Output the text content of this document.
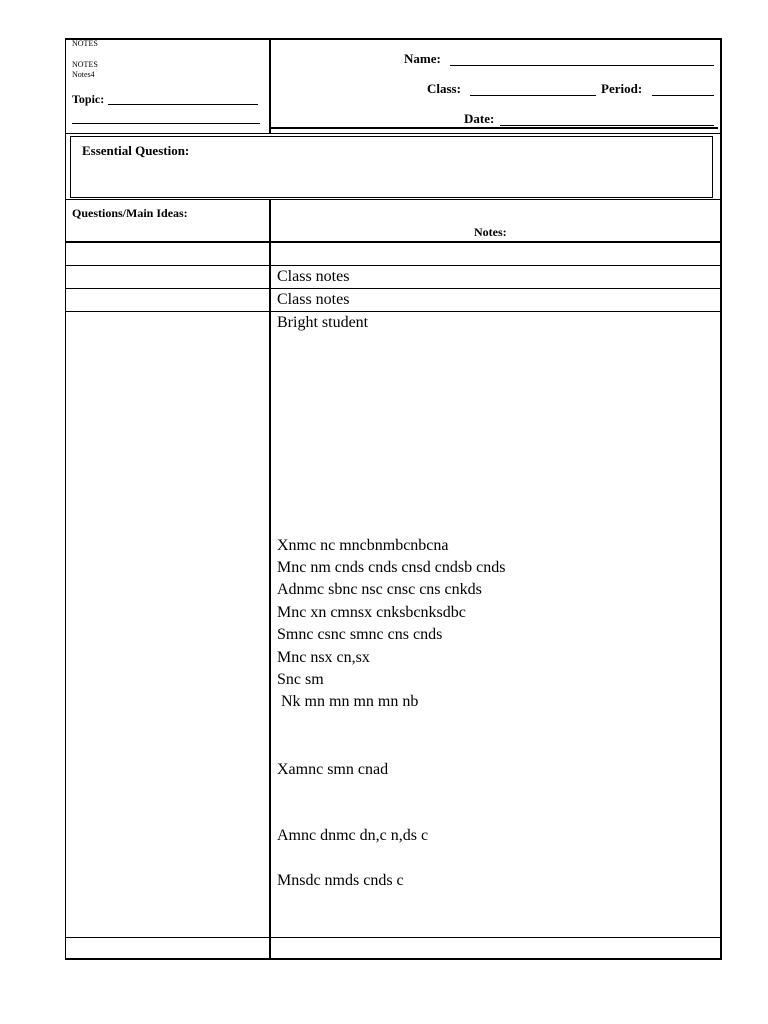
NOTES
NOTES
Notes4
Topic:
Name:
Class:	Period:
Date:
Essential Question:
Questions/Main Ideas:
Notes:
Class notes
Class notes
Bright student
Xnmc nc mncbnmbcnbcna
Mnc nm cnds cnds cnsd cndsb cnds
Adnmc sbnc nsc cnsc cns cnkds
Mnc xn cmnsx cnksbcnksdbc
Smnc csnc smnc cns cnds
Mnc nsx cn,sx
Snc sm
Nk mn mn mn mn nb
Xamnc smn cnad
Amnc dnmc dn,c n,ds c
Mnsdc nmds cnds c
